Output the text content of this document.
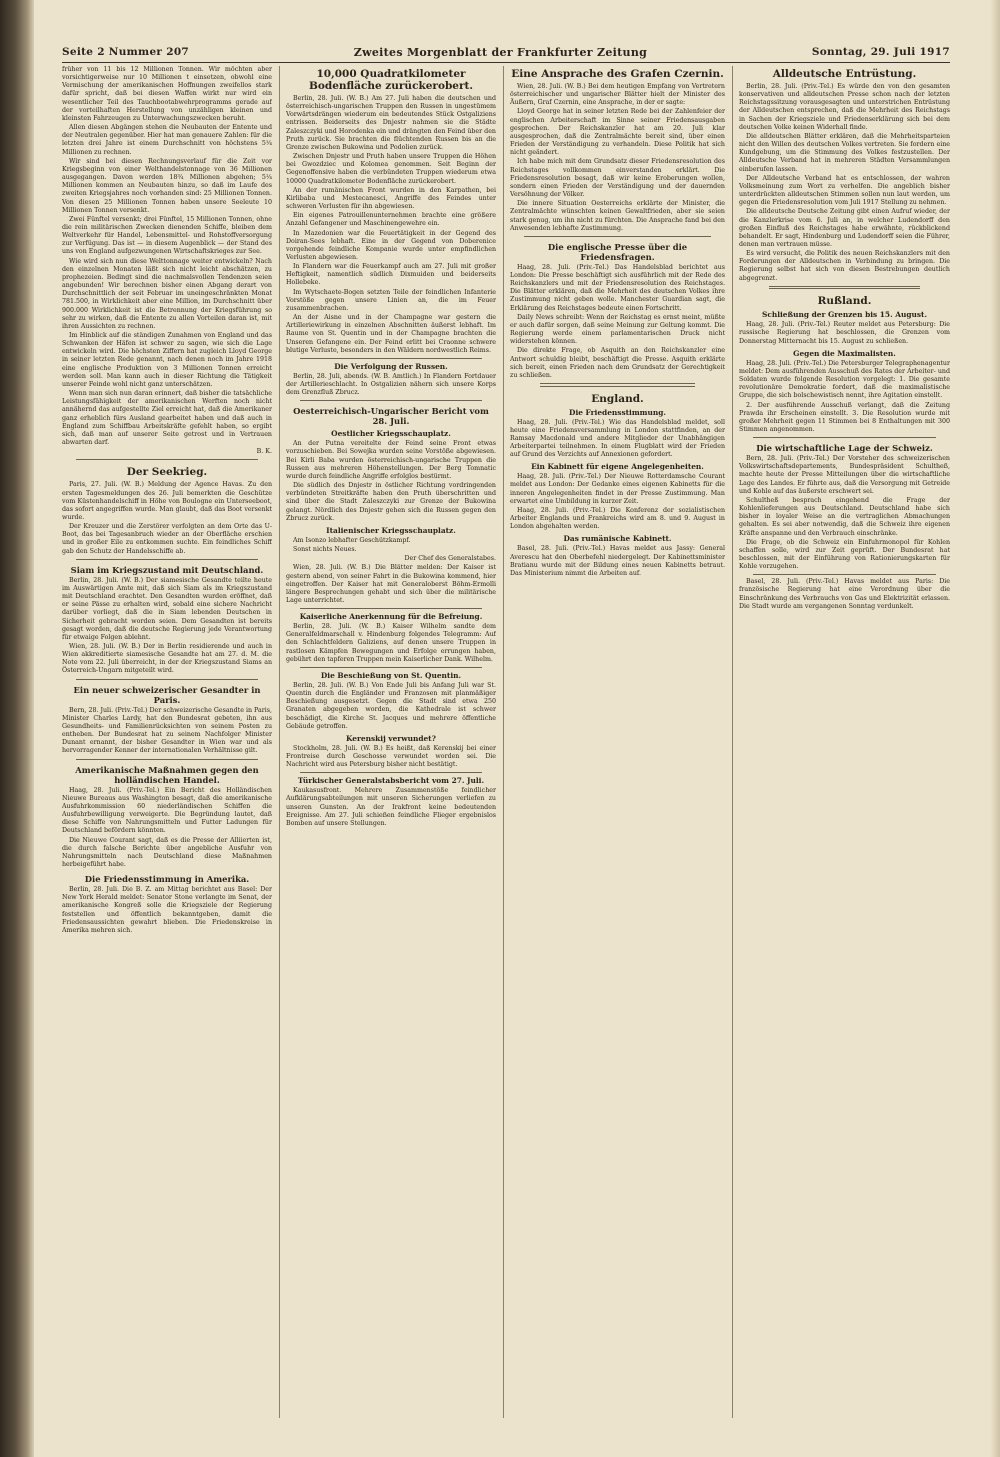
Seite 2 Nummer 207	Zweites Morgenblatt der Frankfurter Zeitung	Sonntag, 29. Juli 1917

früher von 11 bis 12 Millionen Tonnen. Wir möchten aber vorsichtigerweise nur 10 Millionen t einsetzen, obwohl eine Vermischung der amerikanischen Hoffnungen zweifellos stark dafür spricht, daß bei diesen Waffen wirkt nur wird ein wesentlicher Teil des Tauchbootabwehrprogramms gerade auf der vorteilhaften Herstellung von unzähligen kleinen und kleinsten Fahrzeugen zu Unterwachungszwecken beruht.

Allen diesen Abgängen stehen die Neubauten der Entente und der Neutralen gegenüber. Hier hat man genauere Zahlen: für die letzten drei Jahre ist einem Durchschnitt von höchstens 5¼ Millionen zu rechnen.

Wir sind bei diesen Rechnungsverlauf für die Zeit vor Kriegsbeginn von einer Welthandelstonnage von 36 Millionen ausgegangen. Davon werden 18¾ Millionen abgehen; 5¼ Millionen kommen an Neubauten hinzu, so daß im Laufe des zweiten Kriegsjahres noch vorhanden sind: 25 Millionen Tonnen. Von diesen 25 Millionen Tonnen haben unsere Seeleute 10 Millionen Tonnen versenkt.

Zwei Fünftel versenkt; drei Fünftel, 15 Millionen Tonnen, ohne die rein militärischen Zwecken dienenden Schiffe, bleiben dem Weltverkehr für Handel, Lebensmittel- und Rohstoffversorgung zur Verfügung. Das ist — in diesem Augenblick — der Stand des uns von England aufgezwungenen Wirtschaftskrieges zur See.

Wie wird sich nun diese Welttonnage weiter entwickeln? Nach den einzelnen Monaten läßt sich nicht leicht abschätzen, zu prophezeien. Bedingt sind die nachmalsvollen Tendenzen seien angebunden! Wir berechnen bisher einen Abgang derart von Durchschnittlich der seit Februar im uneingeschränkten Monat 781.500, in Wirklichkeit aber eine Million, im Durchschnitt über 900.000 Wirklichkeit ist die Betrennung der Kriegsführung so sehr zu wirken, daß die Entente zu allen Vorteilen daran ist, mit ihren Aussichten zu rechnen.

Im Hinblick auf die ständigen Zunahmen von England und das Schwanken der Häfen ist schwer zu sagen, wie sich die Lage entwickeln wird. Die höchsten Ziffern hat zugleich Lloyd George in seiner letzten Rede genannt, nach denen noch im Jahre 1918 eine englische Produktion von 3 Millionen Tonnen erreicht werden soll. Man kann auch in dieser Richtung die Tätigkeit unserer Feinde wohl nicht ganz unterschätzen.

Wenn man sich nun daran erinnert, daß bisher die tatsächliche Leistungsfähigkeit der amerikanischen Werften noch nicht annähernd das aufgestellte Ziel erreicht hat, daß die Amerikaner ganz erheblich fürs Ausland gearbeitet haben und daß auch in England zum Schiffbau Arbeitskräfte gefehlt haben, so ergibt sich, daß man auf unserer Seite getrost und in Vertrauen abwarten darf.

B. K.

Der Seekrieg.

Paris, 27. Juli. (W. B.) Meldung der Agence Havas. Zu den ersten Tagesmeldungen des 26. Juli bemerkten die Geschütze vom Küstenhandelschiff in Höhe von Boulogne ein Unterseeboot, das sofort angegriffen wurde. Man glaubt, daß das Boot versenkt wurde.

Der Kreuzer und die Zerstörer verfolgten an dem Orte das U-Boot, das bei Tagesanbruch wieder an der Oberfläche erschien und in großer Eile zu entkommen suchte. Ein feindliches Schiff gab den Schutz der Handelsschiffe ab.

Siam im Kriegszustand mit Deutschland.

Berlin, 28. Juli. (W. B.) Der siamesische Gesandte teilte heute im Auswärtigen Amte mit, daß sich Siam als im Kriegszustand mit Deutschland erachtet. Den Gesandten wurden eröffnet, daß er seine Pässe zu erhalten wird, sobald eine sichere Nachricht darüber vorliegt, daß die in Siam lebenden Deutschen in Sicherheit gebracht worden seien. Dem Gesandten ist bereits gesagt worden, daß die deutsche Regierung jede Verantwortung für etwaige Folgen ablehnt.

Wien, 28. Juli. (W. B.) Der in Berlin residierende und auch in Wien akkreditierte siamesische Gesandte hat am 27. d. M. die Note vom 22. Juli überreicht, in der der Kriegszustand Siams an Österreich-Ungarn mitgeteilt wird.

Ein neuer schweizerischer Gesandter in Paris.

Bern, 28. Juli. (Priv.-Tel.) Der schweizerische Gesandte in Paris, Minister Charles Lardy, hat den Bundesrat gebeten, ihn aus Gesundheits- und Familienrücksichten von seinem Posten zu entheben. Der Bundesrat hat zu seinem Nachfolger Minister Dunant ernannt, der bisher Gesandter in Wien war und als hervorragender Kenner der internationalen Verhältnisse gilt.

Amerikanische Maßnahmen gegen den holländischen Handel.

Haag, 28. Juli. (Priv.-Tel.) Ein Bericht des Holländischen Nieuwe Bureaus aus Washington besagt, daß die amerikanische Ausfuhrkommission 60 niederländischen Schiffen die Ausfuhrbewilligung verweigerte. Die Begründung lautet, daß diese Schiffe von Nahrungsmitteln und Futter Ladungen für Deutschland befördern könnten.

Die Nieuwe Courant sagt, daß es die Presse der Alliierten ist, die durch falsche Berichte über angebliche Ausfuhr von Nahrungsmitteln nach Deutschland diese Maßnahmen herbeigeführt habe.

Die Friedensstimmung in Amerika.

Berlin, 28. Juli. Die B. Z. am Mittag berichtet aus Basel: Der New York Herald meldet: Senator Stone verlangte im Senat, der amerikanische Kongreß solle die Kriegsziele der Regierung feststellen und öffentlich bekanntgeben, damit die Friedensaussichten gewahrt blieben. Die Friedenskreise in Amerika mehren sich.

10,000 Quadratkilometer Bodenfläche zurückerobert.

Berlin, 28. Juli. (W. B.) Am 27. Juli haben die deutschen und österreichisch-ungarischen Truppen den Russen in ungestümem Vorwärtsdrängen wiederum ein bedeutendes Stück Ostgaliziens entrissen. Beiderseits des Dnjestr nahmen sie die Städte Zaleszczyki und Horodenka ein und drängten den Feind über den Pruth zurück. Sie brachten die flüchtenden Russen bis an die Grenze zwischen Bukowina und Podolien zurück.

Zwischen Dnjestr und Pruth haben unsere Truppen die Höhen bei Gwozdziec und Kolomea genommen. Seit Beginn der Gegenoffensive haben die verbündeten Truppen wiederum etwa 10000 Quadratkilometer Bodenfläche zurückerobert.

An der rumänischen Front wurden in den Karpathen, bei Kirlibaba und Mestecanesci, Angriffe des Feindes unter schweren Verlusten für ihn abgewiesen.

Ein eigenes Patrouillenunternehmen brachte eine größere Anzahl Gefangener und Maschinengewehre ein.

In Mazedonien war die Feuertätigkeit in der Gegend des Doiran-Sees lebhaft. Eine in der Gegend von Doberenice vorgehende feindliche Kompanie wurde unter empfindlichen Verlusten abgewiesen.

In Flandern war die Feuerkampf auch am 27. Juli mit großer Heftigkeit, namentlich südlich Dixmuiden und beiderseits Hollebeke.

Im Wytschaete-Bogen setzten Teile der feindlichen Infanterie Vorstöße gegen unsere Linien an, die im Feuer zusammenbrachen.

An der Aisne und in der Champagne war gestern die Artilleriewirkung in einzelnen Abschnitten äußerst lebhaft. Im Raume von St. Quentin und in der Champagne brachten die Unseren Gefangene ein. Der Feind erlitt bei Craonne schwere blutige Verluste, besonders in den Wäldern nordwestlich Reims.

Die Verfolgung der Russen.

Berlin, 28. Juli, abends. (W. B. Amtlich.) In Flandern Fortdauer der Artillerieschlacht. In Ostgalizien nähern sich unsere Korps dem Grenzfluß Zbrucz.

Oesterreichisch-Ungarischer Bericht vom 28. Juli.
Oestlicher Kriegsschauplatz.

An der Putna vereitelte der Feind seine Front etwas vorzuschieben. Bei Sowejka wurden seine Vorstöße abgewiesen. Bei Kirli Baba wurden österreichisch-ungarische Truppen die Russen aus mehreren Höhenstellungen. Der Berg Tomnatic wurde durch feindliche Angriffe erfolglos bestürmt.

Die südlich des Dnjestr in östlicher Richtung vordringenden verbündeten Streitkräfte haben den Pruth überschritten und sind über die Stadt Zaleszczyki zur Grenze der Bukowina gelangt. Nördlich des Dnjestr gehen sich die Russen gegen den Zbrucz zurück.

Italienischer Kriegsschauplatz.

Am Isonzo lebhafter Geschützkampf.

Sonst nichts Neues.

Der Chef des Generalstabes.

Wien, 28. Juli. (W. B.) Die Blätter melden: Der Kaiser ist gestern abend, von seiner Fahrt in die Bukowina kommend, hier eingetroffen. Der Kaiser hat mit Generaloberst Böhm-Ermolli längere Besprechungen gehabt und sich über die militärische Lage unterrichtet.

Kaiserliche Anerkennung für die Befreiung.

Berlin, 28. Juli. (W. B.) Kaiser Wilhelm sandte dem Generalfeldmarschall v. Hindenburg folgendes Telegramm: Auf den Schlachtfeldern Galiziens, auf denen unsere Truppen in rastlosen Kämpfen Bewegungen und Erfolge errungen haben, gebührt den tapferen Truppen mein Kaiserlicher Dank. Wilhelm.

Die Beschießung von St. Quentin.

Berlin, 28. Juli. (W. B.) Von Ende Juli bis Anfang Juli war St. Quentin durch die Engländer und Franzosen mit planmäßiger Beschießung ausgesetzt. Gegen die Stadt sind etwa 250 Granaten abgegeben worden, die Kathedrale ist schwer beschädigt, die Kirche St. Jacques und mehrere öffentliche Gebäude getroffen.

Kerenskij verwundet?

Stockholm, 28. Juli. (W. B.) Es heißt, daß Kerenskij bei einer Frontreise durch Geschosse verwundet worden sei. Die Nachricht wird aus Petersburg bisher nicht bestätigt.

Türkischer Generalstabsbericht vom 27. Juli.

Kaukasusfront. Mehrere Zusammenstöße feindlicher Aufklärungsabteilungen mit unseren Sicherungen verliefen zu unseren Gunsten. An der Irakfront keine bedeutenden Ereignisse. Am 27. Juli schießen feindliche Flieger ergebnislos Bomben auf unsere Stellungen.

Eine Ansprache des Grafen Czernin.

Wien, 28. Juli. (W. B.) Bei dem heutigen Empfang von Vertretern österreichischer und ungarischer Blätter hielt der Minister des Äußern, Graf Czernin, eine Ansprache, in der er sagte:

Lloyd George hat in seiner letzten Rede bei der Zahlenfeier der englischen Arbeiterschaft im Sinne seiner Friedensausgaben gesprochen. Der Reichskanzler hat am 20. Juli klar ausgesprochen, daß die Zentralmächte bereit sind, über einen Frieden der Verständigung zu verhandeln. Diese Politik hat sich nicht geändert.

Ich habe mich mit dem Grundsatz dieser Friedensresolution des Reichstages vollkommen einverstanden erklärt. Die Friedensresolution besagt, daß wir keine Eroberungen wollen, sondern einen Frieden der Verständigung und der dauernden Versöhnung der Völker.

Die innere Situation Oesterreichs erklärte der Minister, die Zentralmächte wünschten keinen Gewaltfrieden, aber sie seien stark genug, um ihn nicht zu fürchten. Die Ansprache fand bei den Anwesenden lebhafte Zustimmung.

Die englische Presse über die Friedensfragen.

Haag, 28. Juli. (Priv.-Tel.) Das Handelsblad berichtet aus London: Die Presse beschäftigt sich ausführlich mit der Rede des Reichskanzlers und mit der Friedensresolution des Reichstages. Die Blätter erklären, daß die Mehrheit des deutschen Volkes ihre Zustimmung nicht geben wolle. Manchester Guardian sagt, die Erklärung des Reichstages bedeute einen Fortschritt.

Daily News schreibt: Wenn der Reichstag es ernst meint, müßte er auch dafür sorgen, daß seine Meinung zur Geltung kommt. Die Regierung werde einem parlamentarischen Druck nicht widerstehen können.

Die direkte Frage, ob Asquith an den Reichskanzler eine Antwort schuldig bleibt, beschäftigt die Presse. Asquith erklärte sich bereit, einen Frieden nach dem Grundsatz der Gerechtigkeit zu schließen.

England.
Die Friedensstimmung.

Haag, 28. Juli. (Priv.-Tel.) Wie das Handelsblad meldet, soll heute eine Friedensversammlung in London stattfinden, an der Ramsay Macdonald und andere Mitglieder der Unabhängigen Arbeiterpartei teilnehmen. In einem Flugblatt wird der Frieden auf Grund des Verzichts auf Annexionen gefordert.

Ein Kabinett für eigene Angelegenheiten.

Haag, 28. Juli. (Priv.-Tel.) Der Nieuwe Rotterdamsche Courant meldet aus London: Der Gedanke eines eigenen Kabinetts für die inneren Angelegenheiten findet in der Presse Zustimmung. Man erwartet eine Umbildung in kurzer Zeit.

Haag, 28. Juli. (Priv.-Tel.) Die Konferenz der sozialistischen Arbeiter Englands und Frankreichs wird am 8. und 9. August in London abgehalten werden.

Das rumänische Kabinett.

Basel, 28. Juli. (Priv.-Tel.) Havas meldet aus Jassy: General Averescu hat den Oberbefehl niedergelegt. Der Kabinettsminister Bratianu wurde mit der Bildung eines neuen Kabinetts betraut. Das Ministerium nimmt die Arbeiten auf.

Alldeutsche Entrüstung.

Berlin, 28. Juli. (Priv.-Tel.) Es würde den von den gesamten konservativen und alldeutschen Presse schon nach der letzten Reichstagssitzung vorausgesagten und unterstrichen Entrüstung der Alldeutschen entsprechen, daß die Mehrheit des Reichstags in Sachen der Kriegsziele und Friedenserklärung sich bei dem deutschen Volke keinen Widerhall finde.

Die alldeutschen Blätter erklären, daß die Mehrheitsparteien nicht den Willen des deutschen Volkes vertreten. Sie fordern eine Kundgebung, um die Stimmung des Volkes festzustellen. Der Alldeutsche Verband hat in mehreren Städten Versammlungen einberufen lassen.

Der Alldeutsche Verband hat es entschlossen, der wahren Volksmeinung zum Wort zu verhelfen. Die angeblich bisher unterdrückten alldeutschen Stimmen sollen nun laut werden, um gegen die Friedensresolution vom Juli 1917 Stellung zu nehmen.

Die alldeutsche Deutsche Zeitung gibt einen Aufruf wieder, der die Kanzlerkrise vom 6. Juli an, in welcher Ludendorff den großen Einfluß des Reichstages habe erwähnte, rückblickend behandelt. Er sagt, Hindenburg und Ludendorff seien die Führer, denen man vertrauen müsse.

Es wird versucht, die Politik des neuen Reichskanzlers mit den Forderungen der Alldeutschen in Verbindung zu bringen. Die Regierung selbst hat sich von diesen Bestrebungen deutlich abgegrenzt.

Rußland.
Schließung der Grenzen bis 15. August.

Haag, 28. Juli. (Priv.-Tel.) Reuter meldet aus Petersburg: Die russische Regierung hat beschlossen, die Grenzen vom Donnerstag Mitternacht bis 15. August zu schließen.

Gegen die Maximalisten.

Haag, 28. Juli. (Priv.-Tel.) Die Petersburger Telegraphenagentur meldet: Dem ausführenden Ausschuß des Rates der Arbeiter- und Soldaten wurde folgende Resolution vorgelegt: 1. Die gesamte revolutionäre Demokratie fordert, daß die maximalistische Gruppe, die sich bolschewistisch nennt, ihre Agitation einstellt.

2. Der ausführende Ausschuß verlangt, daß die Zeitung Prawda ihr Erscheinen einstellt. 3. Die Resolution wurde mit großer Mehrheit gegen 11 Stimmen bei 8 Enthaltungen mit 300 Stimmen angenommen.

Die wirtschaftliche Lage der Schweiz.

Bern, 28. Juli. (Priv.-Tel.) Der Vorsteher des schweizerischen Volkswirtschaftsdepartements, Bundespräsident Schultheß, machte heute der Presse Mitteilungen über die wirtschaftliche Lage des Landes. Er führte aus, daß die Versorgung mit Getreide und Kohle auf das äußerste erschwert sei.

Schultheß besprach eingehend die Frage der Kohlenlieferungen aus Deutschland. Deutschland habe sich bisher in loyaler Weise an die vertraglichen Abmachungen gehalten. Es sei aber notwendig, daß die Schweiz ihre eigenen Kräfte anspanne und den Verbrauch einschränke.

Die Frage, ob die Schweiz ein Einfuhrmonopol für Kohlen schaffen solle, wird zur Zeit geprüft. Der Bundesrat hat beschlossen, mit der Einführung von Rationierungskarten für Kohle vorzugehen.

Basel, 28. Juli. (Priv.-Tel.) Havas meldet aus Paris: Die französische Regierung hat eine Verordnung über die Einschränkung des Verbrauchs von Gas und Elektrizität erlassen. Die Stadt wurde am vergangenen Sonntag verdunkelt.
